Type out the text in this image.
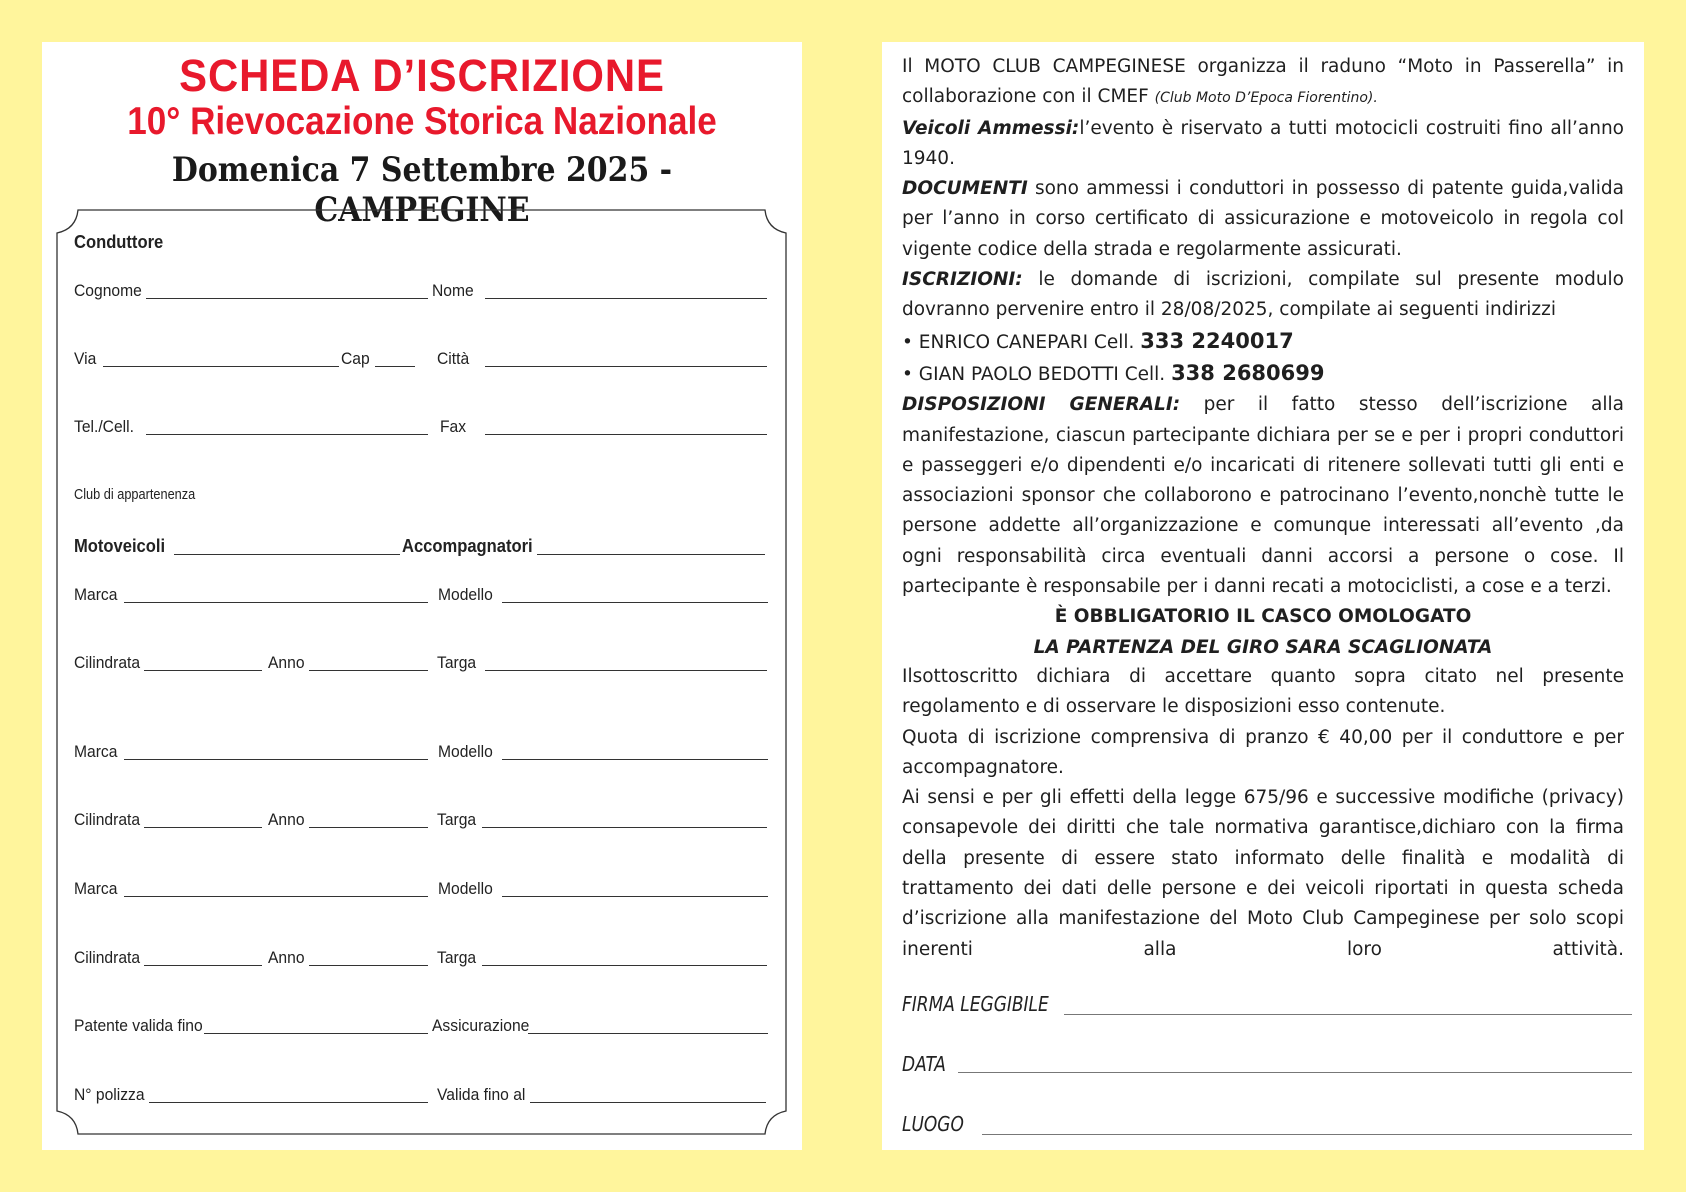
SCHEDA D’ISCRIZIONE
10° Rievocazione Storica Nazionale
Domenica 7 Settembre 2025 - CAMPEGINE
Conduttore
Cognome	Nome
Via	Cap	Città
Tel./Cell.	Fax
Club di appartenenza
Motoveicoli	Accompagnatori
Marca	Modello
Cilindrata	Anno	Targa
Marca	Modello
Cilindrata	Anno	Targa
Marca	Modello
Cilindrata	Anno	Targa
Patente valida fino	Assicurazione
N° polizza	Valida fino al

Il MOTO CLUB CAMPEGINESE organizza il raduno “Moto in Passerella” in collaborazione con il CMEF (Club Moto D’Epoca Fiorentino).

Veicoli Ammessi:l’evento è riservato a tutti motocicli costruiti fino all’anno 1940.

DOCUMENTI sono ammessi i conduttori in possesso di patente guida,valida per l’anno in corso certificato di assicurazione e motoveicolo in regola col vigente codice della strada e regolarmente assicurati.

ISCRIZIONI: le domande di iscrizioni, compilate sul presente modulo dovranno pervenire entro il 28/08/2025, compilate ai seguenti indirizzi

• ENRICO CANEPARI Cell. 333 2240017

• GIAN PAOLO BEDOTTI Cell. 338 2680699

DISPOSIZIONI GENERALI: per il fatto stesso dell’iscrizione alla manifestazione, ciascun partecipante dichiara per se e per i propri conduttori e passeggeri e/o dipendenti e/o incaricati di ritenere sollevati tutti gli enti e associazioni sponsor che collaborono e patrocinano l’evento,nonchè tutte le persone addette all’organizzazione e comunque interessati all’evento ,da ogni responsabilità circa eventuali danni accorsi a persone o cose. Il partecipante è responsabile per i danni recati a motociclisti, a cose e a terzi.

È OBBLIGATORIO IL CASCO OMOLOGATO

LA PARTENZA DEL GIRO SARA SCAGLIONATA

Ilsottoscritto dichiara di accettare quanto sopra citato nel presente regolamento e di osservare le disposizioni esso contenute.

Quota di iscrizione comprensiva di pranzo € 40,00 per il conduttore e per accompagnatore.

Ai sensi e per gli effetti della legge 675/96 e successive modifiche (privacy) consapevole dei diritti che tale normativa garantisce,dichiaro con la firma della presente di essere stato informato delle finalità e modalità di trattamento dei dati delle persone e dei veicoli riportati in questa scheda d’iscrizione alla manifestazione del Moto Club Campeginese per solo scopi inerenti alla loro attività.

FIRMA LEGGIBILE
DATA
LUOGO
